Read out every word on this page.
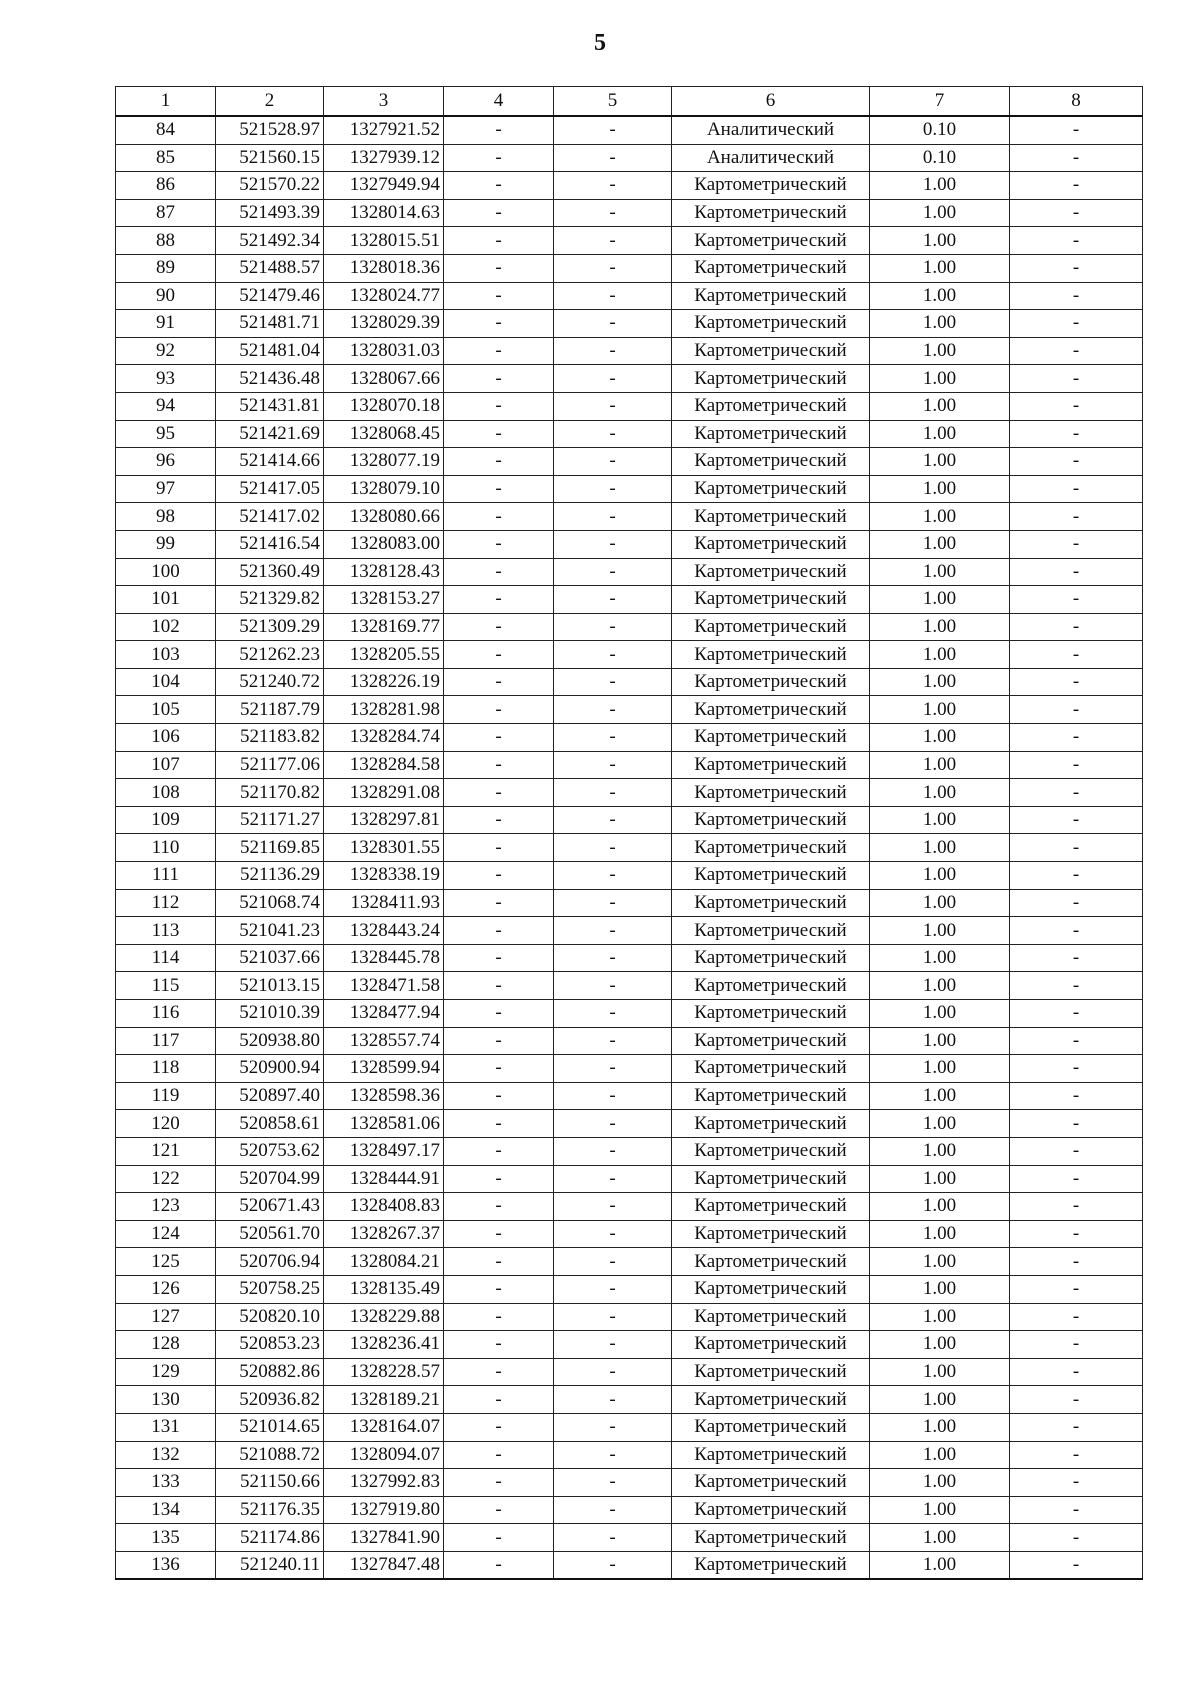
5
1	2	3	4	5	6	7	8
84	521528.97	1327921.52	-	-	Аналитический	0.10	-
85	521560.15	1327939.12	-	-	Аналитический	0.10	-
86	521570.22	1327949.94	-	-	Картометрический	1.00	-
87	521493.39	1328014.63	-	-	Картометрический	1.00	-
88	521492.34	1328015.51	-	-	Картометрический	1.00	-
89	521488.57	1328018.36	-	-	Картометрический	1.00	-
90	521479.46	1328024.77	-	-	Картометрический	1.00	-
91	521481.71	1328029.39	-	-	Картометрический	1.00	-
92	521481.04	1328031.03	-	-	Картометрический	1.00	-
93	521436.48	1328067.66	-	-	Картометрический	1.00	-
94	521431.81	1328070.18	-	-	Картометрический	1.00	-
95	521421.69	1328068.45	-	-	Картометрический	1.00	-
96	521414.66	1328077.19	-	-	Картометрический	1.00	-
97	521417.05	1328079.10	-	-	Картометрический	1.00	-
98	521417.02	1328080.66	-	-	Картометрический	1.00	-
99	521416.54	1328083.00	-	-	Картометрический	1.00	-
100	521360.49	1328128.43	-	-	Картометрический	1.00	-
101	521329.82	1328153.27	-	-	Картометрический	1.00	-
102	521309.29	1328169.77	-	-	Картометрический	1.00	-
103	521262.23	1328205.55	-	-	Картометрический	1.00	-
104	521240.72	1328226.19	-	-	Картометрический	1.00	-
105	521187.79	1328281.98	-	-	Картометрический	1.00	-
106	521183.82	1328284.74	-	-	Картометрический	1.00	-
107	521177.06	1328284.58	-	-	Картометрический	1.00	-
108	521170.82	1328291.08	-	-	Картометрический	1.00	-
109	521171.27	1328297.81	-	-	Картометрический	1.00	-
110	521169.85	1328301.55	-	-	Картометрический	1.00	-
111	521136.29	1328338.19	-	-	Картометрический	1.00	-
112	521068.74	1328411.93	-	-	Картометрический	1.00	-
113	521041.23	1328443.24	-	-	Картометрический	1.00	-
114	521037.66	1328445.78	-	-	Картометрический	1.00	-
115	521013.15	1328471.58	-	-	Картометрический	1.00	-
116	521010.39	1328477.94	-	-	Картометрический	1.00	-
117	520938.80	1328557.74	-	-	Картометрический	1.00	-
118	520900.94	1328599.94	-	-	Картометрический	1.00	-
119	520897.40	1328598.36	-	-	Картометрический	1.00	-
120	520858.61	1328581.06	-	-	Картометрический	1.00	-
121	520753.62	1328497.17	-	-	Картометрический	1.00	-
122	520704.99	1328444.91	-	-	Картометрический	1.00	-
123	520671.43	1328408.83	-	-	Картометрический	1.00	-
124	520561.70	1328267.37	-	-	Картометрический	1.00	-
125	520706.94	1328084.21	-	-	Картометрический	1.00	-
126	520758.25	1328135.49	-	-	Картометрический	1.00	-
127	520820.10	1328229.88	-	-	Картометрический	1.00	-
128	520853.23	1328236.41	-	-	Картометрический	1.00	-
129	520882.86	1328228.57	-	-	Картометрический	1.00	-
130	520936.82	1328189.21	-	-	Картометрический	1.00	-
131	521014.65	1328164.07	-	-	Картометрический	1.00	-
132	521088.72	1328094.07	-	-	Картометрический	1.00	-
133	521150.66	1327992.83	-	-	Картометрический	1.00	-
134	521176.35	1327919.80	-	-	Картометрический	1.00	-
135	521174.86	1327841.90	-	-	Картометрический	1.00	-
136	521240.11	1327847.48	-	-	Картометрический	1.00	-
